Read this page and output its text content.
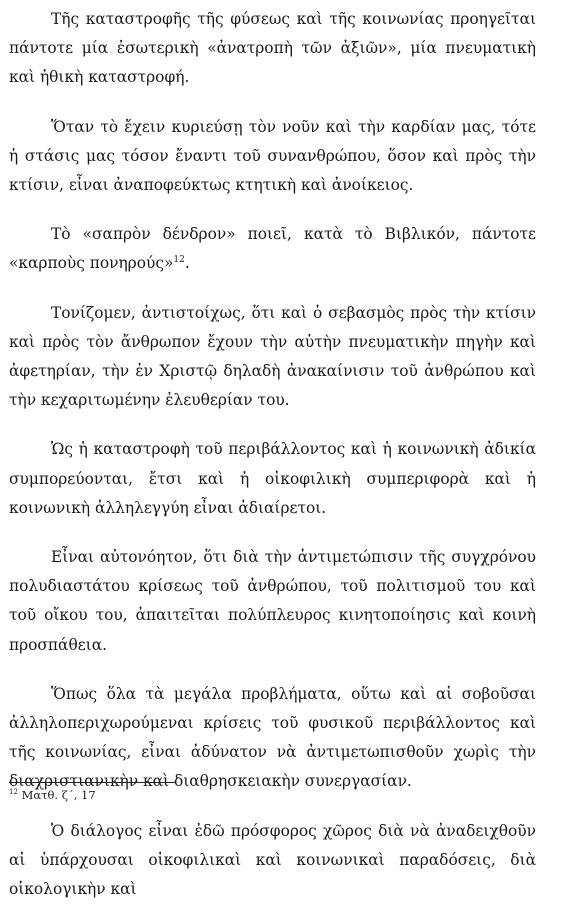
Τῆς καταστροφῆς τῆς φύσεως καὶ τῆς κοινωνίας προηγεῖται πάντοτε μία ἐσωτερικὴ «ἀνατροπὴ τῶν ἀξιῶν», μία πνευματικὴ καὶ ἠθικὴ καταστροφή.

Ὅταν τὸ ἔχειν κυριεύσῃ τὸν νοῦν καὶ τὴν καρδίαν μας, τότε ἡ στάσις μας τόσον ἔναντι τοῦ συνανθρώπου, ὅσον καὶ πρὸς τὴν κτίσιν, εἶναι ἀναπoφεύκτως κτητικὴ καὶ ἀνοίκειος.

Τὸ «σαπρὸν δένδρον» ποιεῖ, κατὰ τὸ Βιβλικόν, πάντοτε «καρπoὺς πονηρούς»$^{12}$.

Τονίζομεν, ἀντιστοίχως, ὅτι καὶ ὁ σεβασμὸς πρὸς τὴν κτίσιν καὶ πρὸς τὸν ἄνθρωπον ἔχουν τὴν αὐτὴν πνευματικὴν πηγὴν καὶ ἀφετηρίαν, τὴν ἐν Χριστῷ δηλαδὴ ἀνακαίνισιν τοῦ ἀνθρώπου καὶ τὴν κεχαριτωμένην ἐλευθερίαν του.

Ὡς ἡ καταστροφὴ τοῦ περιβάλλοντος καὶ ἡ κοινωνικὴ ἀδικία συμπορεύονται, ἔτσι καὶ ἡ οἰκοφιλικὴ συμπεριφορὰ καὶ ἡ κοινωνικὴ ἀλληλεγγύη εἶναι ἀδιαίρετοι.

Εἶναι αὐτονόητον, ὅτι διὰ τὴν ἀντιμετώπισιν τῆς συγχρόνου πολυδιαστάτου κρίσεως τοῦ ἀνθρώπου, τοῦ πολιτισμοῦ του καὶ τοῦ οἴκου του, ἀπαιτεῖται πολύπλευρος κινητοποίησις καὶ κοινὴ προσπάθεια.

Ὅπως ὅλα τὰ μεγάλα προβλήματα, οὕτω καὶ αἱ σοβοῦσαι ἀλληλοπεριχωρούμεναι κρίσεις τοῦ φυσικοῦ περιβάλλοντος καὶ τῆς κοινωνίας, εἶναι ἀδύνατον νὰ ἀντιμετωπισθοῦν χωρὶς τὴν διαχριστιανικὴν καὶ διαθρησκειακὴν συνεργασίαν.

Ὁ διάλογος εἶναι ἐδῶ πρόσφορος χῶρος διὰ νὰ ἀναδειχθοῦν αἱ ὑπάρχουσαι οἰκοφιλικαὶ καὶ κοινωνικαὶ παραδόσεις, διὰ οἰκολογικὴν καὶ

$^{12}$ Ματθ. ζ΄, 17
